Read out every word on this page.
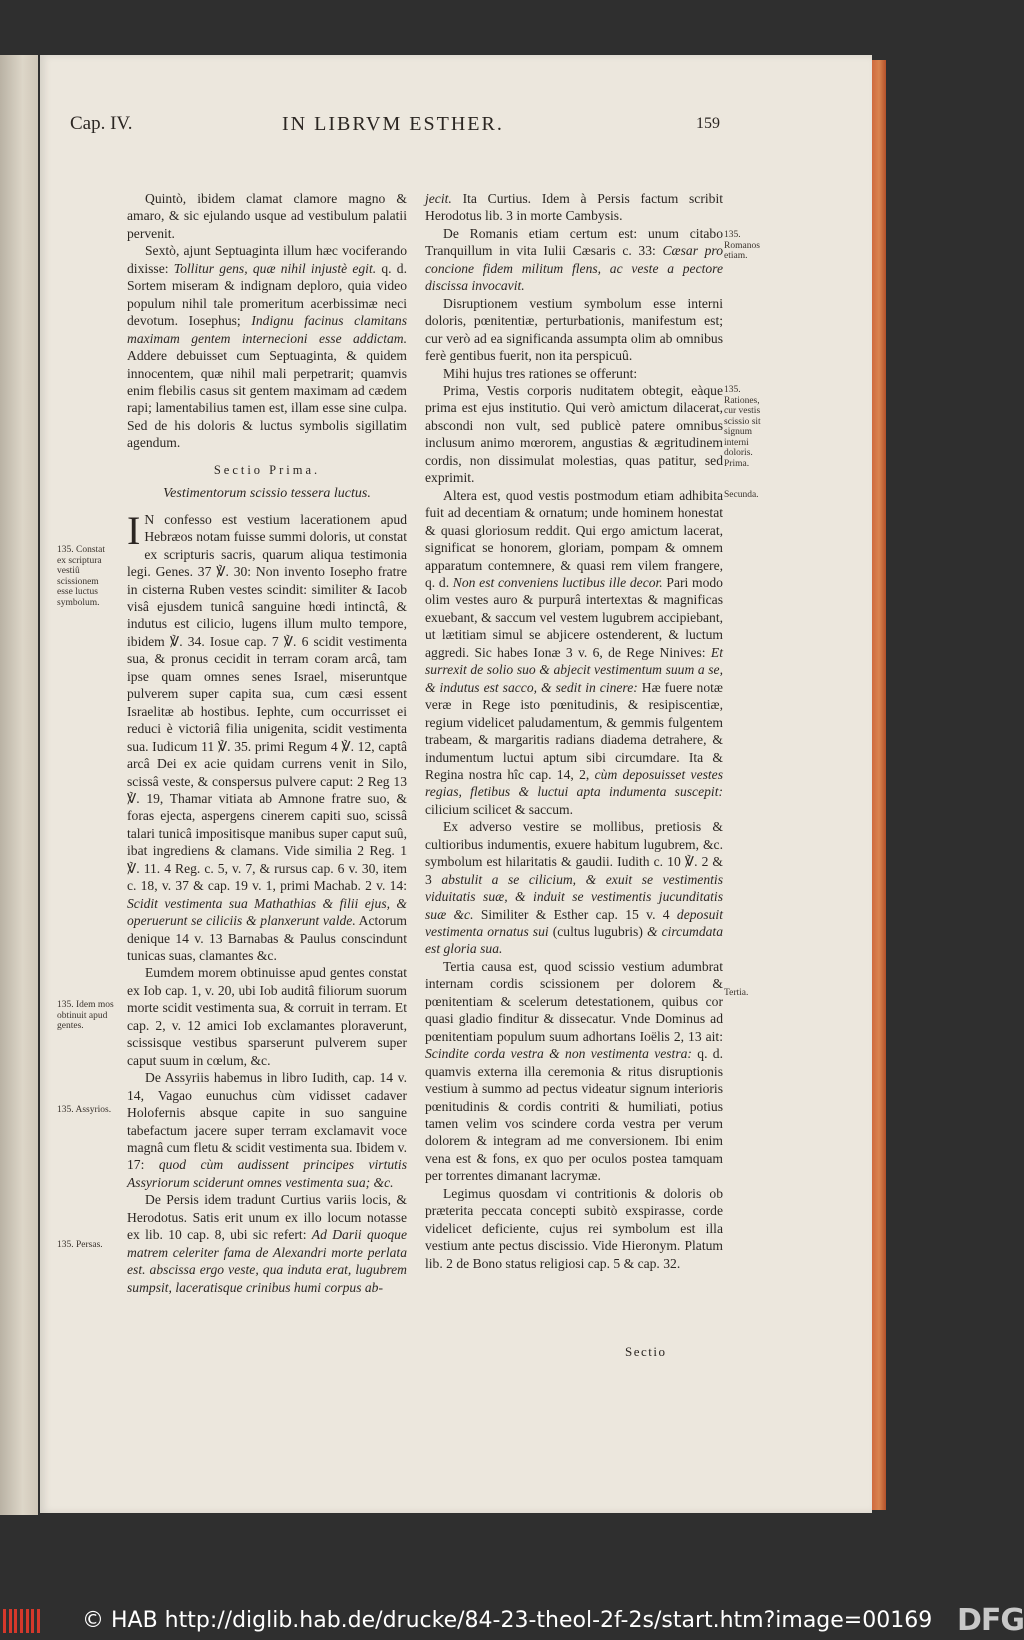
Cap. IV.	IN LIBRVM ESTHER.	159

Quintò, ibidem clamat clamore magno & amaro, & sic ejulando usque ad vestibulum palatii pervenit.

Sextò, ajunt Septuaginta illum hæc vociferando dixisse: Tollitur gens, quæ nihil injustè egit. q. d. Sortem miseram & indignam deploro, quia video populum nihil tale promeritum acerbissimæ neci devotum. Iosephus; Indignu facinus clamitans maximam gentem internecioni esse addictam. Addere debuisset cum Septuaginta, & quidem innocentem, quæ nihil mali perpetrarit; quamvis enim flebilis casus sit gentem maximam ad cædem rapi; lamentabilius tamen est, illam esse sine culpa. Sed de his doloris & luctus symbolis sigillatim agendum.

Sectio Prima.
Vestimentorum scissio tessera luctus.

I N confesso est vestium lacerationem apud Hebræos notam fuisse summi doloris, ut constat ex scripturis sacris, quarum aliqua testimonia legi. Genes. 37 ℣. 30: Non invento Iosepho fratre in cisterna Ruben vestes scindit: similiter & Iacob visâ ejusdem tunicâ sanguine hœdi intinctâ, & indutus est cilicio, lugens illum multo tempore, ibidem ℣. 34. Iosue cap. 7 ℣. 6 scidit vestimenta sua, & pronus cecidit in terram coram arcâ, tam ipse quam omnes senes Israel, miseruntque pulverem super capita sua, cum cæsi essent Israelitæ ab hostibus. Iephte, cum occurrisset ei reduci è victoriâ filia unigenita, scidit vestimenta sua. Iudicum 11 ℣. 35. primi Regum 4 ℣. 12, captâ arcâ Dei ex acie quidam currens venit in Silo, scissâ veste, & conspersus pulvere caput: 2 Reg 13 ℣. 19, Thamar vitiata ab Amnone fratre suo, & foras ejecta, aspergens cinerem capiti suo, scissâ talari tunicâ impositisque manibus super caput suû, ibat ingrediens & clamans. Vide similia 2 Reg. 1 ℣. 11. 4 Reg. c. 5, v. 7, & rursus cap. 6 v. 30, item c. 18, v. 37 & cap. 19 v. 1, primi Machab. 2 v. 14: Scidit vestimenta sua Mathathias & filii ejus, & operuerunt se ciliciis & planxerunt valde. Actorum denique 14 v. 13 Barnabas & Paulus conscindunt tunicas suas, clamantes &c.

Eumdem morem obtinuisse apud gentes constat ex Iob cap. 1, v. 20, ubi Iob auditâ filiorum suorum morte scidit vestimenta sua, & corruit in terram. Et cap. 2, v. 12 amici Iob exclamantes ploraverunt, scissisque vestibus sparserunt pulverem super caput suum in cœlum, &c.

De Assyriis habemus in libro Iudith, cap. 14 v. 14, Vagao eunuchus cùm vidisset cadaver Holofernis absque capite in suo sanguine tabefactum jacere super terram exclamavit voce magnâ cum fletu & scidit vestimenta sua. Ibidem v. 17: quod cùm audissent principes virtutis Assyriorum sciderunt omnes vestimenta sua; &c.

De Persis idem tradunt Curtius variis locis, & Herodotus. Satis erit unum ex illo locum notasse ex lib. 10 cap. 8, ubi sic refert: Ad Darii quoque matrem celeriter fama de Alexandri morte perlata est. abscissa ergo veste, qua induta erat, lugubrem sumpsit, laceratisque crinibus humi corpus ab-

jecit. Ita Curtius. Idem à Persis factum scribit Herodotus lib. 3 in morte Cambysis.

De Romanis etiam certum est: unum citabo Tranquillum in vita Iulii Cæsaris c. 33: Cæsar pro concione fidem militum flens, ac veste a pectore discissa invocavit.

Disruptionem vestium symbolum esse interni doloris, pœnitentiæ, perturbationis, manifestum est; cur verò ad ea significanda assumpta olim ab omnibus ferè gentibus fuerit, non ita perspicuû.

Mihi hujus tres rationes se offerunt:

Prima, Vestis corporis nuditatem obtegit, eàque prima est ejus institutio. Qui verò amictum dilacerat, abscondi non vult, sed publicè patere omnibus inclusum animo mœrorem, angustias & ægritudinem cordis, non dissimulat molestias, quas patitur, sed exprimit.

Altera est, quod vestis postmodum etiam adhibita fuit ad decentiam & ornatum; unde hominem honestat & quasi gloriosum reddit. Qui ergo amictum lacerat, significat se honorem, gloriam, pompam & omnem apparatum contemnere, & quasi rem vilem frangere, q. d. Non est conveniens luctibus ille decor. Pari modo olim vestes auro & purpurâ intertextas & magnificas exuebant, & saccum vel vestem lugubrem accipiebant, ut lætitiam simul se abjicere ostenderent, & luctum aggredi. Sic habes Ionæ 3 v. 6, de Rege Ninives: Et surrexit de solio suo & abjecit vestimentum suum a se, & indutus est sacco, & sedit in cinere: Hæ fuere notæ veræ in Rege isto pœnitudinis, & resipiscentiæ, regium videlicet paludamentum, & gemmis fulgentem trabeam, & margaritis radians diadema detrahere, & indumentum luctui aptum sibi circumdare. Ita & Regina nostra hîc cap. 14, 2, cùm deposuisset vestes regias, fletibus & luctui apta indumenta suscepit: cilicium scilicet & saccum.

Ex adverso vestire se mollibus, pretiosis & cultioribus indumentis, exuere habitum lugubrem, &c. symbolum est hilaritatis & gaudii. Iudith c. 10 ℣. 2 & 3 abstulit a se cilicium, & exuit se vestimentis viduitatis suæ, & induit se vestimentis jucunditatis suæ &c. Similiter & Esther cap. 15 v. 4 deposuit vestimenta ornatus sui (cultus lugubris) & circumdata est gloria sua.

Tertia causa est, quod scissio vestium adumbrat internam cordis scissionem per dolorem & pœnitentiam & scelerum detestationem, quibus cor quasi gladio finditur & dissecatur. Vnde Dominus ad pœnitentiam populum suum adhortans Ioëlis 2, 13 ait: Scindite corda vestra & non vestimenta vestra: q. d. quamvis externa illa ceremonia & ritus disruptionis vestium à summo ad pectus videatur signum interioris pœnitudinis & cordis contriti & humiliati, potius tamen velim vos scindere corda vestra per verum dolorem & integram ad me conversionem. Ibi enim vena est & fons, ex quo per oculos postea tamquam per torrentes dimanant lacrymæ.

Legimus quosdam vi contritionis & doloris ob præterita peccata concepti subitò exspirasse, corde videlicet deficiente, cujus rei symbolum est illa vestium ante pectus discissio. Vide Hieronym. Platum lib. 2 de Bono status religiosi cap. 5 & cap. 32.

135. Constat ex scriptura vestiû scissionem esse luctus symbolum.
135. Idem mos obtinuit apud gentes.
135. Assyrios.
135. Persas.
135. Romanos etiam.
135. Rationes, cur vestis scissio sit signum interni doloris. Prima.
Secunda.
Tertia.
Sectio
© HAB http://diglib.hab.de/drucke/84-23-theol-2f-2s/start.htm?image=00169 DFG
